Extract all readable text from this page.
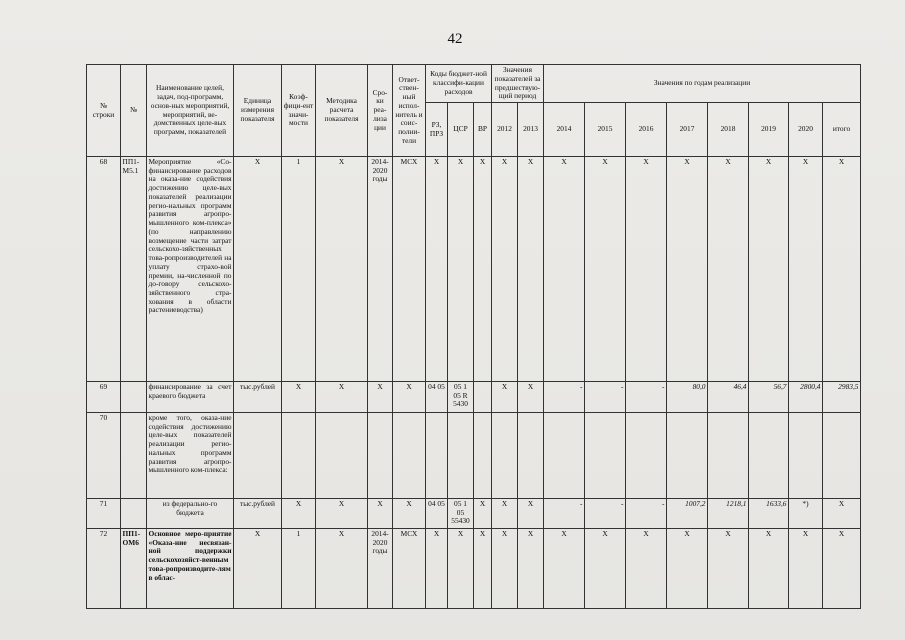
42
№ строки	№	Наименование целей, задач, под-программ, основ-ных мероприятий, мероприятий, ве-домственных целе-вых программ, показателей	Единица измерения показателя	Коэф-фици-ент значи-мости	Методика расчета показателя	Сро-ки реа-лиза ции	Ответ-ствен-ный испол-нитель и соис-полни-тели	Коды бюджет-ной классифи-кации расходов			Значения показателей за предшествую-щий период		Значения по годам реализации							
								РЗ, ПРЗ	ЦСР	ВР	2012	2013	2014	2015	2016	2017	2018	2019	2020	итого
68	ПП1-М5.1	Мероприятие «Со-финансирование расходов на оказа-ние содействия достижению целе-вых показателей реализации регио-нальных программ развития агропро-мышленного ком-плекса» (по направлению возмещение части затрат сельскохо-зяйственных това-ропроизводителей на уплату страхо-вой премии, на-численной по до-говору сельскохо-зяйственного стра-хования в области растениеводства)	X	1	X	2014-2020 годы	МСХ	X	X	X	X	X	X	X	X	X	X	X	X	X
69		финансирование за счет краевого бюджета	тыс.рублей	X	X	X	X	04 05	05 1 05 R 5430		X	X	-	-	-	80,0	46,4	56,7	2800,4	2983,5
70		кроме того, оказа-ние содействия достижению целе-вых показателей реализации регио-нальных программ развития агропро-мышленного ком-плекса:																		
71		из федерально-го бюджета	тыс.рублей	X	X	X	X	04 05	05 1 05 55430	X	X	X	-	-	-	1007,2	1218,1	1633,6	*)	X
72	ПП1-ОМ6	Основное меро-приятие «Оказа-ние несвязан-ной поддержки сельскохозяйст-венным това-ропроизводите-лям в облас-	X	1	X	2014-2020 годы	МСХ	X	X	X	X	X	X	X	X	X	X	X	X	X
